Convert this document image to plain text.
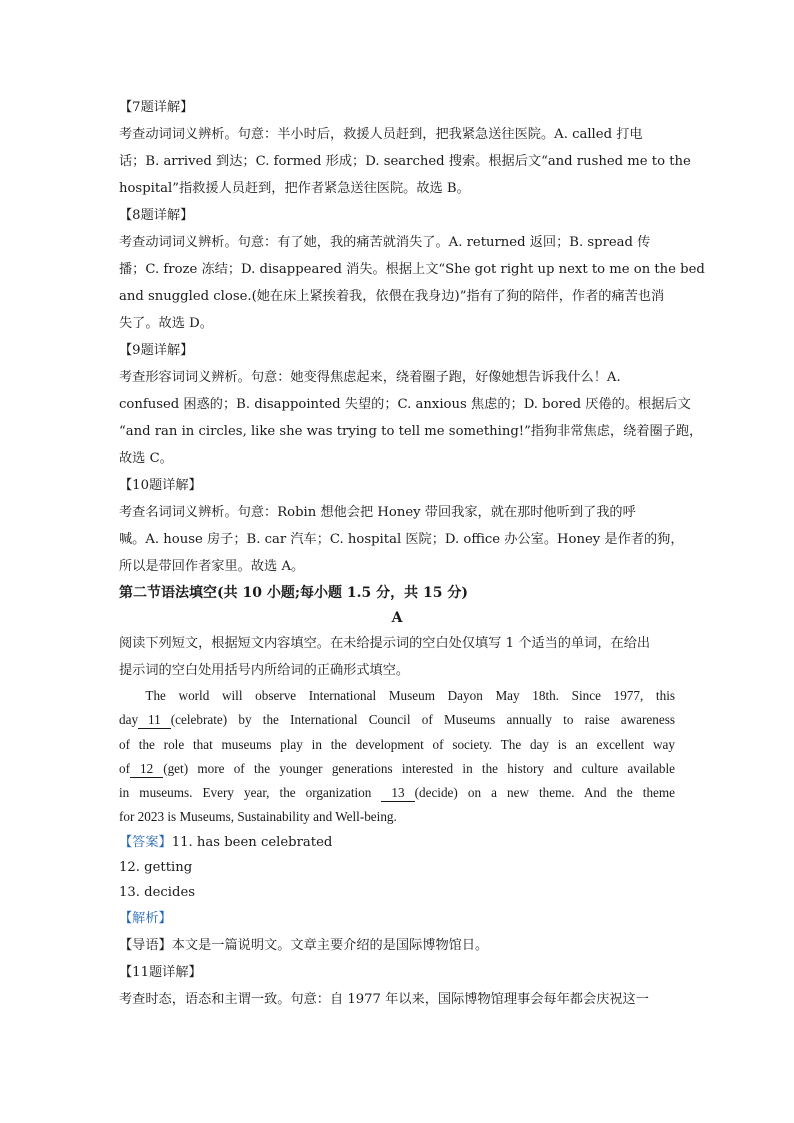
【7题详解】
考查动词词义辨析。句意：半小时后，救援人员赶到，把我紧急送往医院。A. called 打电
话；B. arrived 到达；C. formed 形成；D. searched 搜索。根据后文“and rushed me to the
hospital”指救援人员赶到，把作者紧急送往医院。故选 B。
【8题详解】
考查动词词义辨析。句意：有了她，我的痛苦就消失了。A. returned 返回；B. spread 传
播；C. froze 冻结；D. disappeared 消失。根据上文“She got right up next to me on the bed
and snuggled close.(她在床上紧挨着我，依偎在我身边)”指有了狗的陪伴，作者的痛苦也消
失了。故选 D。
【9题详解】
考查形容词词义辨析。句意：她变得焦虑起来，绕着圈子跑，好像她想告诉我什么！A.
confused 困惑的；B. disappointed 失望的；C. anxious 焦虑的；D. bored 厌倦的。根据后文
“and ran in circles, like she was trying to tell me something!”指狗非常焦虑，绕着圈子跑，
故选 C。
【10题详解】
考查名词词义辨析。句意：Robin 想他会把 Honey 带回我家，就在那时他听到了我的呼
喊。A. house 房子；B. car 汽车；C. hospital 医院；D. office 办公室。Honey 是作者的狗，
所以是带回作者家里。故选 A。
第二节语法填空(共 10 小题;每小题 1.5 分，共 15 分)
A
阅读下列短文，根据短文内容填空。在未给提示词的空白处仅填写 1 个适当的单词，在给出
提示词的空白处用括号内所给词的正确形式填空。

The world will observe International Museum Dayon May 18th. Since 1977, this

day 11 (celebrate) by the International Council of Museums annually to raise awareness

of the role that museums play in the development of society. The day is an excellent way

of 12 (get) more of the younger generations interested in the history and culture available

in museums. Every year, the organization 13 (decide) on a new theme. And the theme

for 2023 is Museums, Sustainability and Well-being.

【答案】11. has been celebrated
12. getting
13. decides
【解析】
【导语】本文是一篇说明文。文章主要介绍的是国际博物馆日。
【11题详解】
考查时态，语态和主谓一致。句意：自 1977 年以来，国际博物馆理事会每年都会庆祝这一
